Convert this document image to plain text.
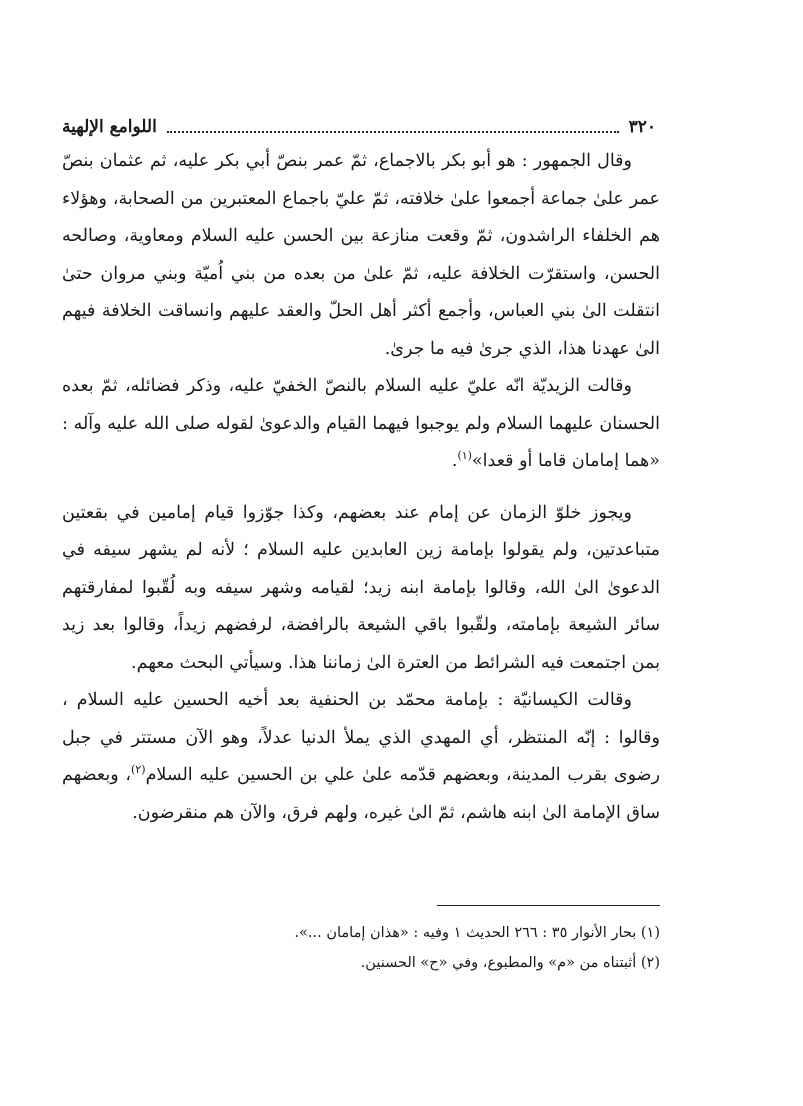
٣٢٠
اللوامع الإلهية

وقال الجمهور : هو أبو بكر بالاجماع، ثمّ عمر بنصّ أبي بكر عليه، ثم عثمان بنصّ عمر علىٰ جماعة أجمعوا علىٰ خلافته، ثمّ عليّ باجماع المعتبرين من الصحابة، وهؤلاء هم الخلفاء الراشدون، ثمّ وقعت منازعة بين الحسن عليه السلام ومعاوية، وصالحه الحسن، واستقرّت الخلافة عليه، ثمّ علىٰ من بعده من بني اُميّة وبني مروان حتىٰ انتقلت الىٰ بني العباس، وأجمع أكثر أهل الحلّ والعقد عليهم وانساقت الخلافة فيهم الىٰ عهدنا هذا، الذي جرىٰ فيه ما جرىٰ.

وقالت الزيديّة انّه عليّ عليه السلام بالنصّ الخفيّ عليه، وذكر فضائله، ثمّ بعده الحسنان عليهما السلام ولم يوجبوا فيهما القيام والدعوىٰ لقوله صلى الله عليه وآله : «هما إمامان قاما أو قعدا»$^{(١)}$.

ويجوز خلوّ الزمان عن إمام عند بعضهم، وكذا جوّزوا قيام إمامين في بقعتين متباعدتين، ولم يقولوا بإمامة زين العابدين عليه السلام ؛ لأنه لم يشهر سيفه في الدعوىٰ الىٰ الله، وقالوا بإمامة ابنه زيد؛ لقيامه وشهر سيفه وبه لُقّبوا لمفارقتهم سائر الشيعة بإمامته، ولقّبوا باقي الشيعة بالرافضة، لرفضهم زيداً، وقالوا بعد زيد بمن اجتمعت فيه الشرائط من العترة الىٰ زماننا هذا. وسيأتي البحث معهم.

وقالت الكيسانيّة : بإمامة محمّد بن الحنفية بعد أخيه الحسين عليه السلام ، وقالوا : إنّه المنتظر، أي المهدي الذي يملأ الدنيا عدلاً، وهو الآن مستتر في جبل رضوى بقرب المدينة، وبعضهم قدّمه علىٰ علي بن الحسين عليه السلام$^{(٢)}$، وبعضهم ساق الإمامة الىٰ ابنه هاشم، ثمّ الىٰ غيره، ولهم فرق، والآن هم منقرضون.

(١) بحار الأنوار ٣٥ : ٢٦٦ الحديث ١ وفيه : «هذان إمامان ...».

(٢) أثبتناه من «م» والمطبوع، وفي «ح» الحسنين.
